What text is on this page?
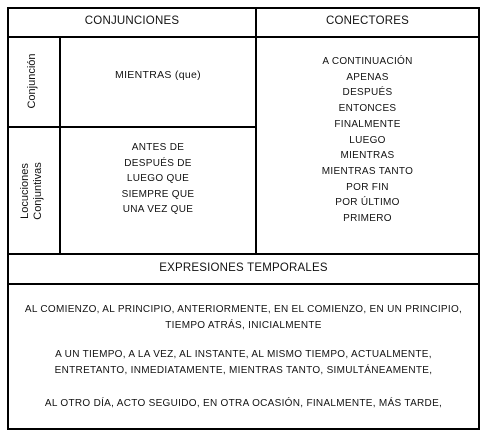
CONJUNCIONES	CONECTORES
Conjunción
Locuciones Conjuntivas
MIENTRAS (que)
ANTES DE
DESPUÉS DE
LUEGO QUE
SIEMPRE QUE
UNA VEZ QUE
A CONTINUACIÓN
APENAS
DESPUÉS
ENTONCES
FINALMENTE
LUEGO
MIENTRAS
MIENTRAS TANTO
POR FIN
POR ÚLTIMO
PRIMERO
EXPRESIONES TEMPORALES
AL COMIENZO, AL PRINCIPIO, ANTERIORMENTE, EN EL COMIENZO, EN UN PRINCIPIO,
TIEMPO ATRÁS, INICIALMENTE
A UN TIEMPO, A LA VEZ, AL INSTANTE, AL MISMO TIEMPO, ACTUALMENTE,
ENTRETANTO, INMEDIATAMENTE, MIENTRAS TANTO, SIMULTÁNEAMENTE,
AL OTRO DÍA, ACTO SEGUIDO, EN OTRA OCASIÓN, FINALMENTE, MÁS TARDE,
